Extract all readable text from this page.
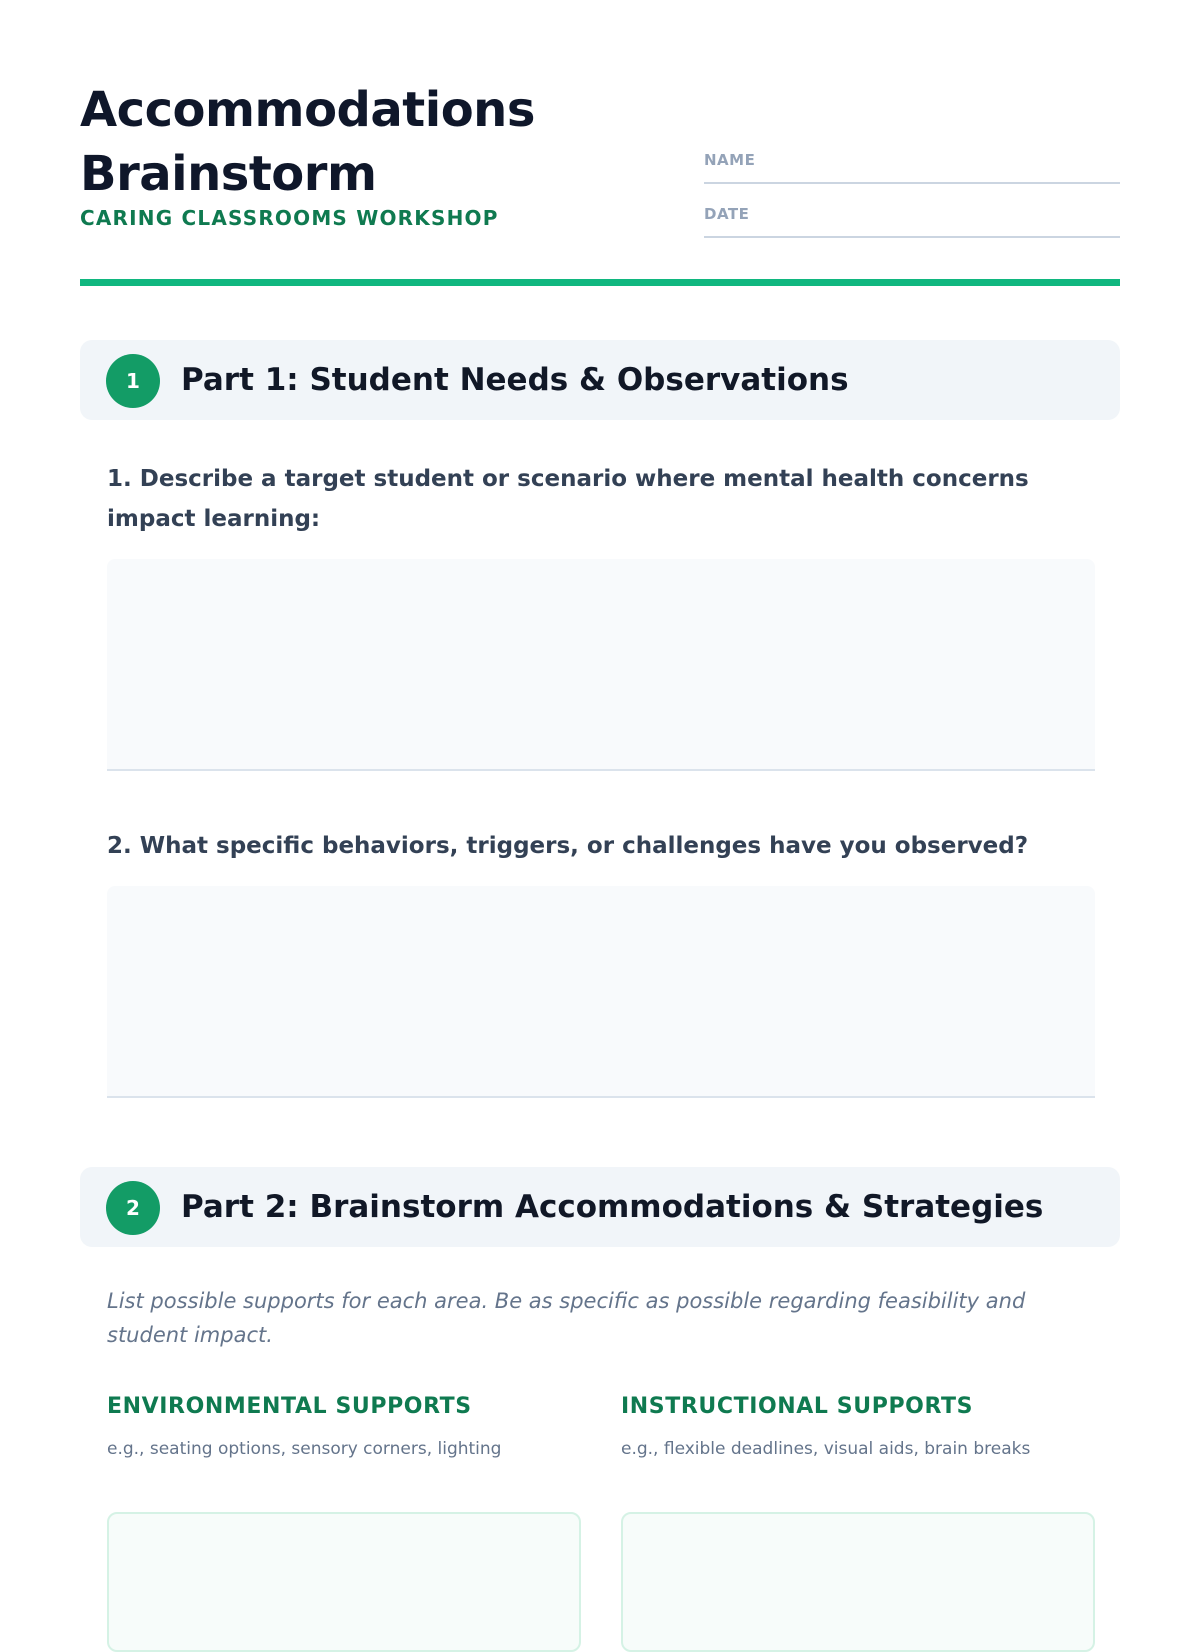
Accommodations
Brainstorm
CARING CLASSROOMS WORKSHOP
NAME
DATE
1	Part 1: Student Needs & Observations

1. Describe a target student or scenario where mental health concerns impact learning:

2. What specific behaviors, triggers, or challenges have you observed?

2	Part 2: Brainstorm Accommodations & Strategies

List possible supports for each area. Be as specific as possible regarding feasibility and student impact.

ENVIRONMENTAL SUPPORTS

e.g., seating options, sensory corners, lighting

INSTRUCTIONAL SUPPORTS

e.g., flexible deadlines, visual aids, brain breaks
